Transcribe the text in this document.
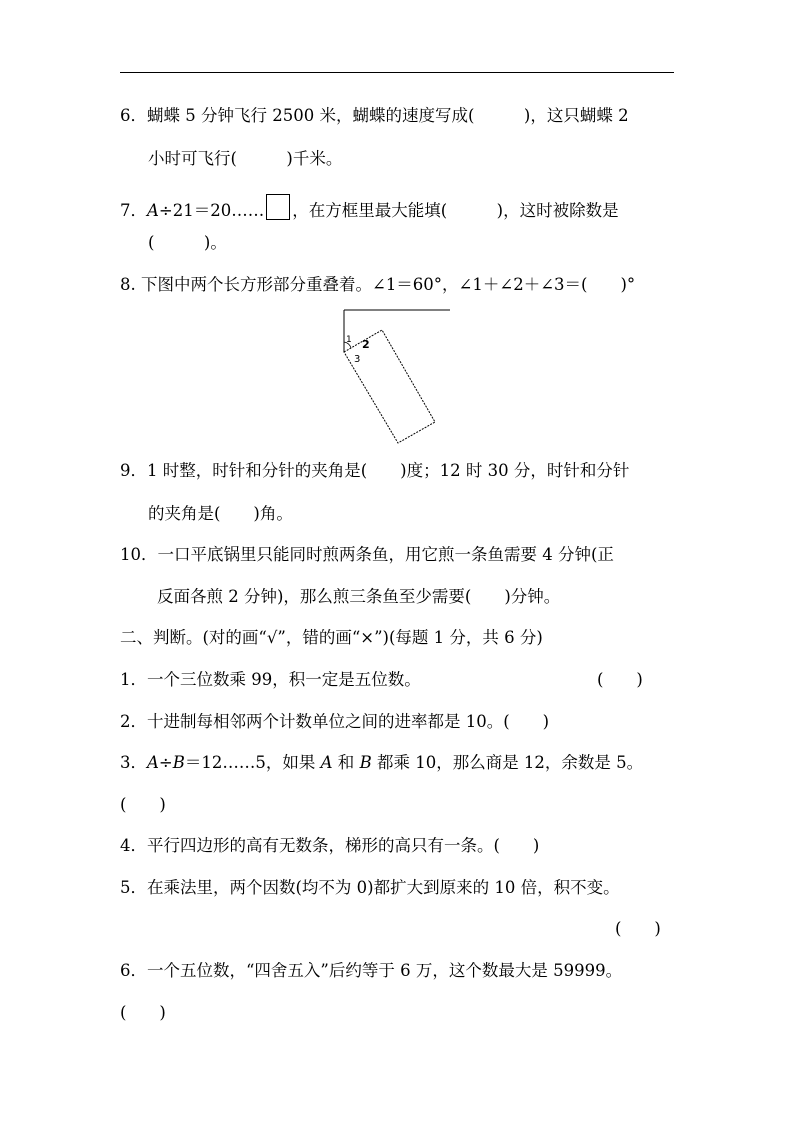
6．蝴蝶 5 分钟飞行 2500 米，蝴蝶的速度写成(　　　)，这只蝴蝶 2
小时可飞行(　　　)千米。
7．A÷21＝20…… ，在方框里最大能填(　　　)，这时被除数是
(　　　)。
8. 下图中两个长方形部分重叠着。∠1＝60°，∠1＋∠2＋∠3＝(　　)°
1 2
3
9．1 时整，时针和分针的夹角是(　　)度；12 时 30 分，时针和分针
的夹角是(　　)角。
10．一口平底锅里只能同时煎两条鱼，用它煎一条鱼需要 4 分钟(正
反面各煎 2 分钟)，那么煎三条鱼至少需要(　　)分钟。
二、判断。(对的画“√”，错的画“×”)(每题 1 分，共 6 分)
1．一个三位数乘 99，积一定是五位数。	(　　)
2．十进制每相邻两个计数单位之间的进率都是 10。(　　)
3．A÷B＝12……5，如果 A 和 B 都乘 10，那么商是 12，余数是 5。
(　　)
4．平行四边形的高有无数条，梯形的高只有一条。(　　)
5．在乘法里，两个因数(均不为 0)都扩大到原来的 10 倍，积不变。
(　　)
6．一个五位数，“四舍五入”后约等于 6 万，这个数最大是 59999。
(　　)
